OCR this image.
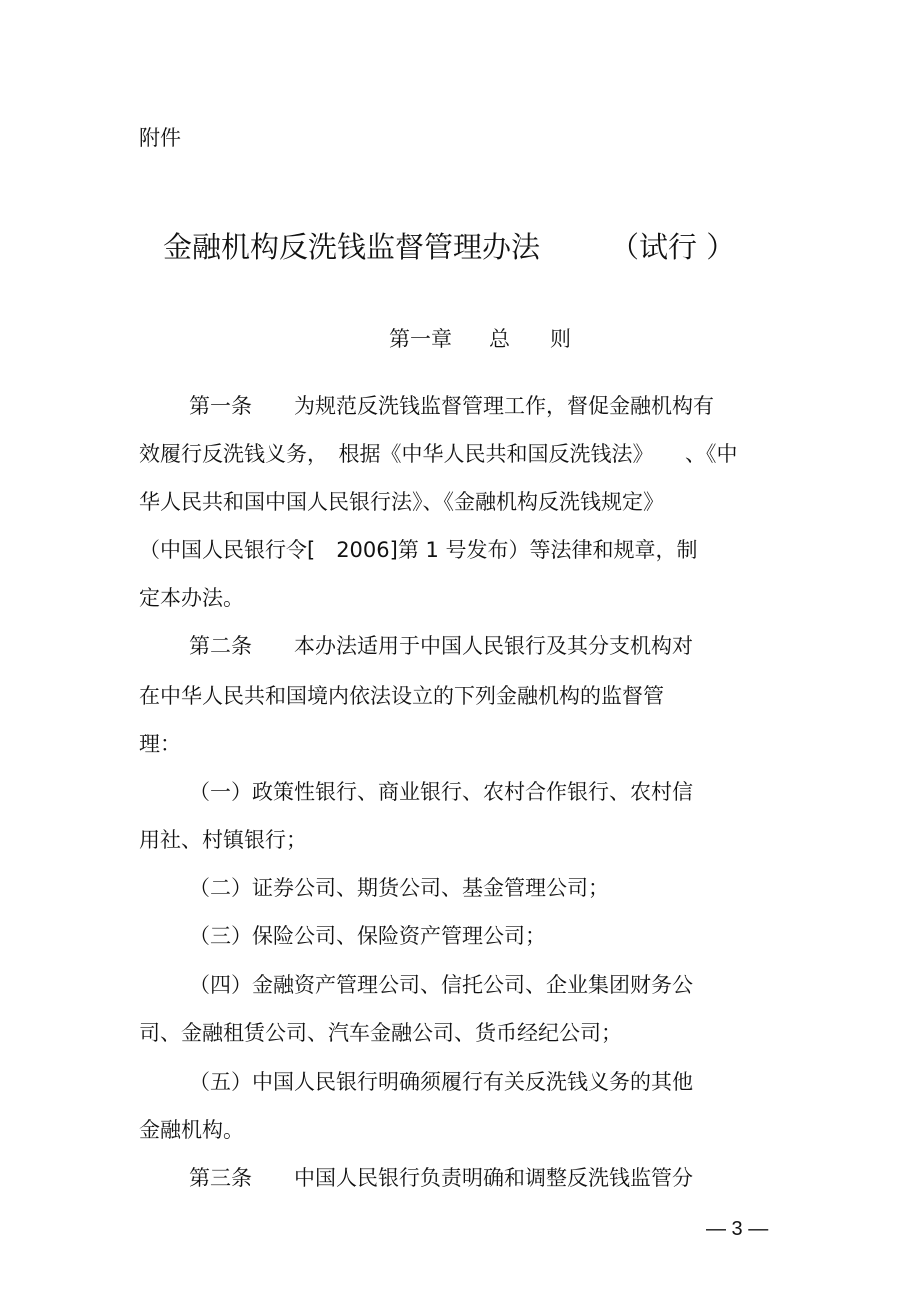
附件
金融机构反洗钱监督管理办法 （试行 ）
第一章 总 则
第一条　　为规范反洗钱监督管理工作，督促金融机构有
效履行反洗钱义务，　根据《中华人民共和国反洗钱法》　　、《中
华人民共和国中国人民银行法》、《金融机构反洗钱规定》
（中国人民银行令[　2006]第 1 号发布）等法律和规章，制
定本办法。
第二条　　本办法适用于中国人民银行及其分支机构对
在中华人民共和国境内依法设立的下列金融机构的监督管
理：
（一）政策性银行、商业银行、农村合作银行、农村信
用社、村镇银行；
（二）证券公司、期货公司、基金管理公司；
（三）保险公司、保险资产管理公司；
（四）金融资产管理公司、信托公司、企业集团财务公
司、金融租赁公司、汽车金融公司、货币经纪公司；
（五）中国人民银行明确须履行有关反洗钱义务的其他
金融机构。
第三条　　中国人民银行负责明确和调整反洗钱监管分
— 3 —
